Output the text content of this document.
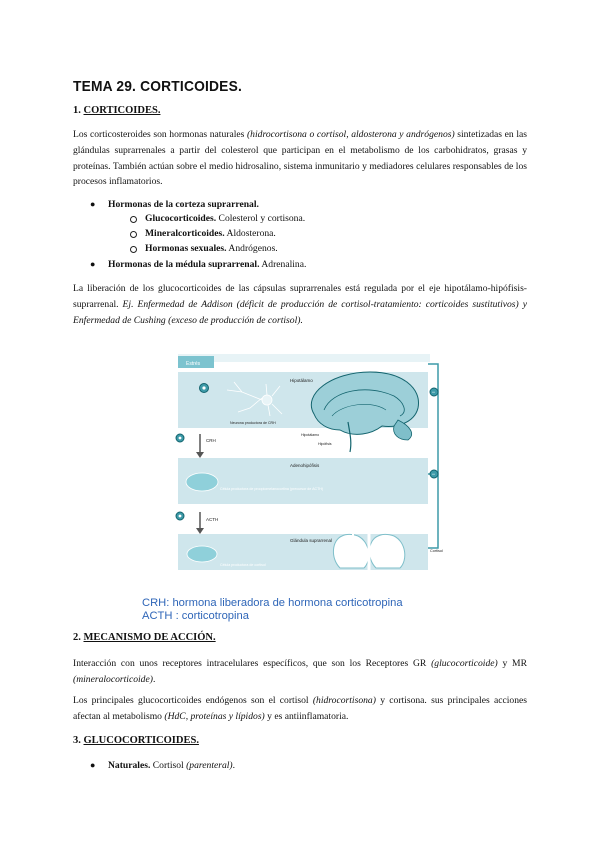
TEMA 29. CORTICOIDES.
1. CORTICOIDES.
Los corticosteroides son hormonas naturales (hidrocortisona o cortisol, aldosterona y andrógenos) sintetizadas en las glándulas suprarrenales a partir del colesterol que participan en el metabolismo de los carbohidratos, grasas y proteínas. También actúan sobre el medio hidrosalino, sistema inmunitario y mediadores celulares responsables de los procesos inflamatorios.
● Hormonas de la corteza suprarrenal.
Glucocorticoides. Colesterol y cortisona.
Mineralcorticoides. Aldosterona.
Hormonas sexuales. Andrógenos.
● Hormonas de la médula suprarrenal. Adrenalina.
La liberación de los glucocorticoides de las cápsulas suprarrenales está regulada por el eje hipotálamo-hipófisis-suprarrenal. Ej. Enfermedad de Addison (déficit de producción de cortisol-tratamiento: corticoides sustitutivos) y Enfermedad de Cushing (exceso de producción de cortisol).
Estrés
Hipotálamo
Neurona productora de CRH
Hipotálamo
Hipófisis
CRH
Adenohipófisis
Célula productora de proopiomelanocortina (precursor de ACTH)
ACTH
Glándula suprarrenal
Célula productora de cortisol
Cortisol
−
−
CRH: hormona liberadora de hormona corticotropina
ACTH : corticotropina
2. MECANISMO DE ACCIÓN.
Interacción con unos receptores intracelulares específicos, que son los Receptores GR (glucocorticoide) y MR (mineralocorticoide).
Los principales glucocorticoides endógenos son el cortisol (hidrocortisona) y cortisona. sus principales acciones afectan al metabolismo (HdC, proteínas y lípidos) y es antiinflamatoria.
3. GLUCOCORTICOIDES.
● Naturales. Cortisol (parenteral).
